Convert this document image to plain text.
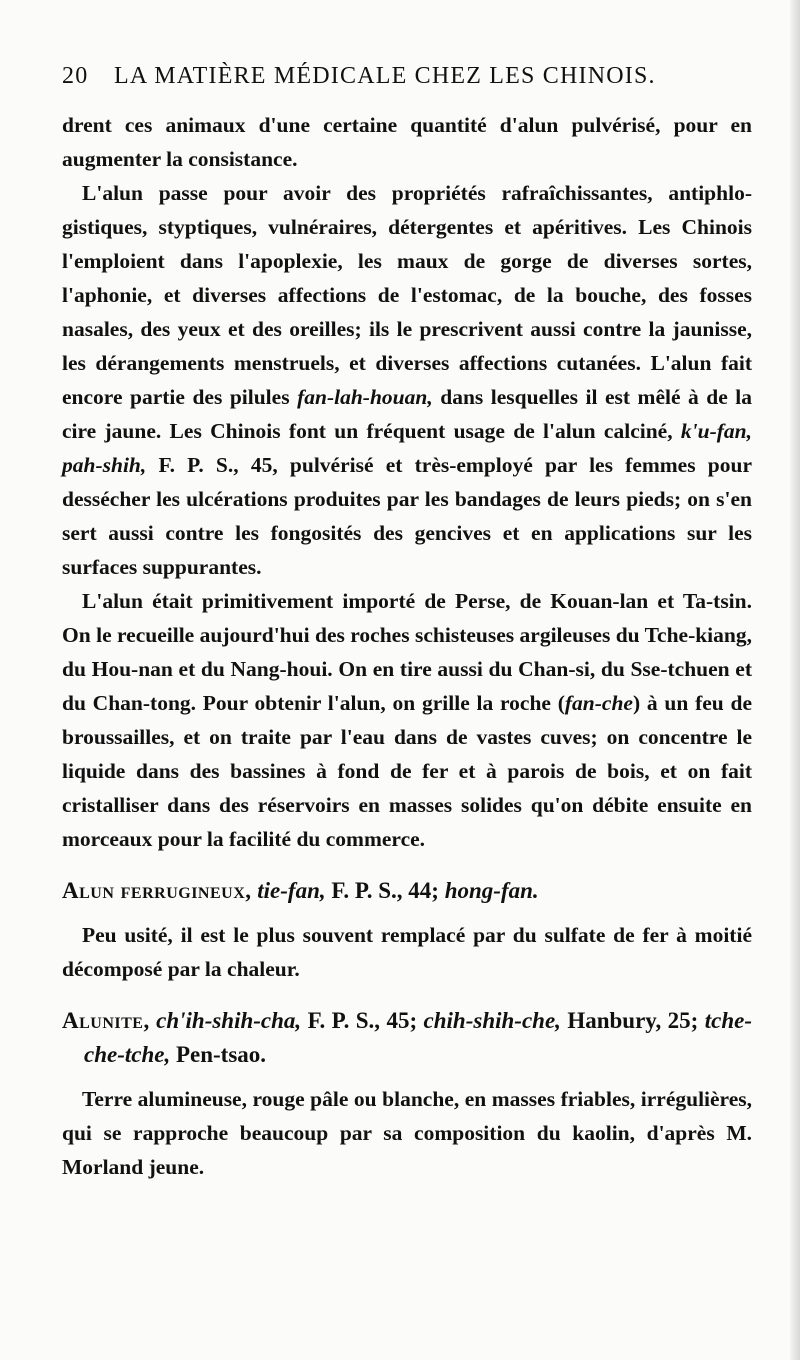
20 LA MATIÈRE MÉDICALE CHEZ LES CHINOIS.

drent ces animaux d'une certaine quantité d'alun pulvérisé, pour en augmenter la consistance.

L'alun passe pour avoir des propriétés rafraîchissantes, antiphlogistiques, styptiques, vulnéraires, détergentes et apéritives. Les Chinois l'emploient dans l'apoplexie, les maux de gorge de diverses sortes, l'aphonie, et diverses affections de l'estomac, de la bouche, des fosses nasales, des yeux et des oreilles; ils le prescrivent aussi contre la jaunisse, les dérangements menstruels, et diverses affections cutanées. L'alun fait encore partie des pilules fan-lah-houan, dans lesquelles il est mêlé à de la cire jaune. Les Chinois font un fréquent usage de l'alun calciné, k'u-fan, pah-shih, F. P. S., 45, pulvérisé et très-employé par les femmes pour dessécher les ulcérations produites par les bandages de leurs pieds; on s'en sert aussi contre les fongosités des gencives et en applications sur les surfaces suppurantes.

L'alun était primitivement importé de Perse, de Kouan-lan et Ta-tsin. On le recueille aujourd'hui des roches schisteuses argileuses du Tche-kiang, du Hou-nan et du Nang-houi. On en tire aussi du Chan-si, du Sse-tchuen et du Chan-tong. Pour obtenir l'alun, on grille la roche (fan-che) à un feu de broussailles, et on traite par l'eau dans de vastes cuves; on concentre le liquide dans des bassines à fond de fer et à parois de bois, et on fait cristalliser dans des réservoirs en masses solides qu'on débite ensuite en morceaux pour la facilité du commerce.

Alun ferrugineux, tie-fan, F. P. S., 44; hong-fan.

Peu usité, il est le plus souvent remplacé par du sulfate de fer à moitié décomposé par la chaleur.

Alunite, ch'ih-shih-cha, F. P. S., 45; chih-shih-che, Hanbury, 25; tche-che-tche, Pen-tsao.

Terre alumineuse, rouge pâle ou blanche, en masses friables, irrégulières, qui se rapproche beaucoup par sa composition du kaolin, d'après M. Morland jeune.
